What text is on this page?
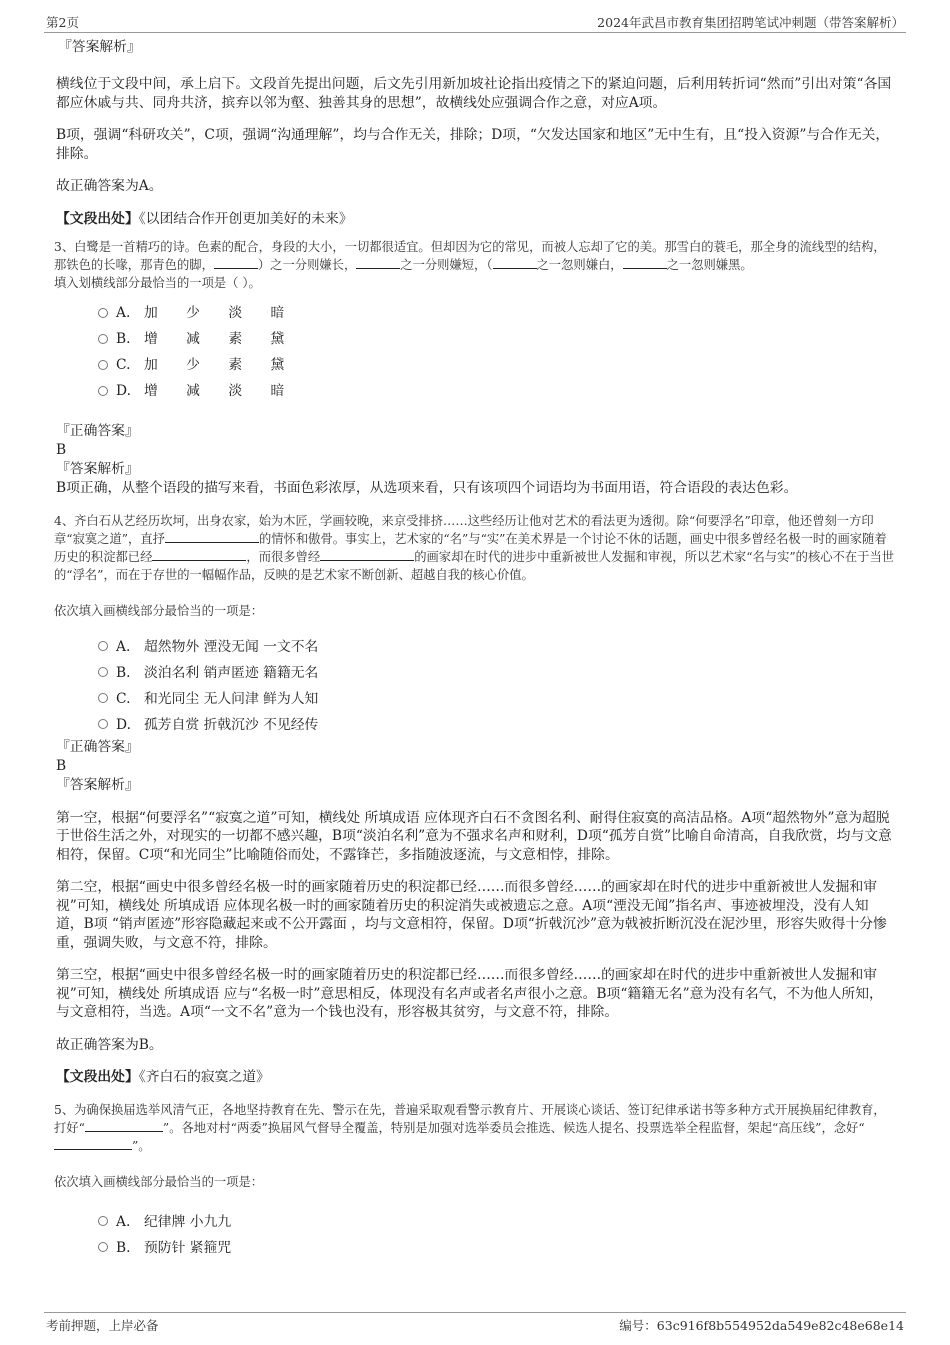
第2页	2024年武昌市教育集团招聘笔试冲刺题（带答案解析）
『答案解析』

横线位于文段中间，承上启下。文段首先提出问题，后文先引用新加坡社论指出疫情之下的紧迫问题，后利用转折词“然而”引出对策“各国都应休戚与共、同舟共济，摈弃以邻为壑、独善其身的思想”，故横线处应强调合作之意，对应A项。

B项，强调“科研攻关”，C项，强调“沟通理解”，均与合作无关，排除；D项，“欠发达国家和地区”无中生有，且“投入资源”与合作无关，排除。

故正确答案为A。

【文段出处】《以团结合作开创更加美好的未来》

3、白鹭是一首精巧的诗。色素的配合，身段的大小，一切都很适宜。但却因为它的常见，而被人忘却了它的美。那雪白的蓑毛，那全身的流线型的结构，那铁色的长喙，那青色的脚，	）之一分则嫌长，	之一分则嫌短，（	之一忽则嫌白，	之一忽则嫌黑。
填入划横线部分最恰当的一项是（ ）。

A. 加 少 淡 暗
B. 增 减 素 黛
C. 加 少 素 黛
D. 增 减 淡 暗
『正确答案』
B
『答案解析』

B项正确，从整个语段的描写来看，书面色彩浓厚，从选项来看，只有该项四个词语均为书面用语，符合语段的表达色彩。

4、齐白石从艺经历坎坷，出身农家，始为木匠，学画较晚，来京受排挤……这些经历让他对艺术的看法更为透彻。除“何要浮名”印章，他还曾刻一方印章“寂寞之道”，直抒	的情怀和傲骨。事实上，艺术家的“名”与“实”在美术界是一个讨论不休的话题，画史中很多曾经名极一时的画家随着历史的积淀都已经	，而很多曾经	的画家却在时代的进步中重新被世人发掘和审视，所以艺术家“名与实”的核心不在于当世的“浮名”，而在于存世的一幅幅作品，反映的是艺术家不断创新、超越自我的核心价值。

依次填入画横线部分最恰当的一项是：

A. 超然物外 湮没无闻 一文不名
B. 淡泊名利 销声匿迹 籍籍无名
C. 和光同尘 无人问津 鲜为人知
D. 孤芳自赏 折戟沉沙 不见经传
『正确答案』
B
『答案解析』

第一空，根据“何要浮名”“寂寞之道”可知，横线处 所填成语 应体现齐白石不贪图名利、耐得住寂寞的高洁品格。A项“超然物外”意为超脱于世俗生活之外，对现实的一切都不感兴趣，B项“淡泊名利”意为不强求名声和财利，D项“孤芳自赏”比喻自命清高，自我欣赏，均与文意相符，保留。C项“和光同尘”比喻随俗而处，不露锋芒，多指随波逐流，与文意相悖，排除。

第二空，根据“画史中很多曾经名极一时的画家随着历史的积淀都已经……而很多曾经……的画家却在时代的进步中重新被世人发掘和审视”可知，横线处 所填成语 应体现名极一时的画家随着历史的积淀消失或被遗忘之意。A项“湮没无闻”指名声、事迹被埋没，没有人知道，B项 “销声匿迹”形容隐藏起来或不公开露面 ，均与文意相符，保留。D项“折戟沉沙”意为戟被折断沉没在泥沙里，形容失败得十分惨重，强调失败，与文意不符，排除。

第三空，根据“画史中很多曾经名极一时的画家随着历史的积淀都已经……而很多曾经……的画家却在时代的进步中重新被世人发掘和审视”可知，横线处 所填成语 应与“名极一时”意思相反，体现没有名声或者名声很小之意。B项“籍籍无名”意为没有名气，不为他人所知，与文意相符，当选。A项“一文不名”意为一个钱也没有，形容极其贫穷，与文意不符，排除。

故正确答案为B。

【文段出处】《齐白石的寂寞之道》

5、为确保换届选举风清气正，各地坚持教育在先、警示在先，普遍采取观看警示教育片、开展谈心谈话、签订纪律承诺书等多种方式开展换届纪律教育，打好“	”。各地对村“两委”换届风气督导全覆盖，特别是加强对选举委员会推选、候选人提名、投票选举全程监督，架起“高压线”，念好“”。

依次填入画横线部分最恰当的一项是：

A. 纪律牌 小九九
B. 预防针 紧箍咒
考前押题，上岸必备	编号：63c916f8b554952da549e82c48e68e14
